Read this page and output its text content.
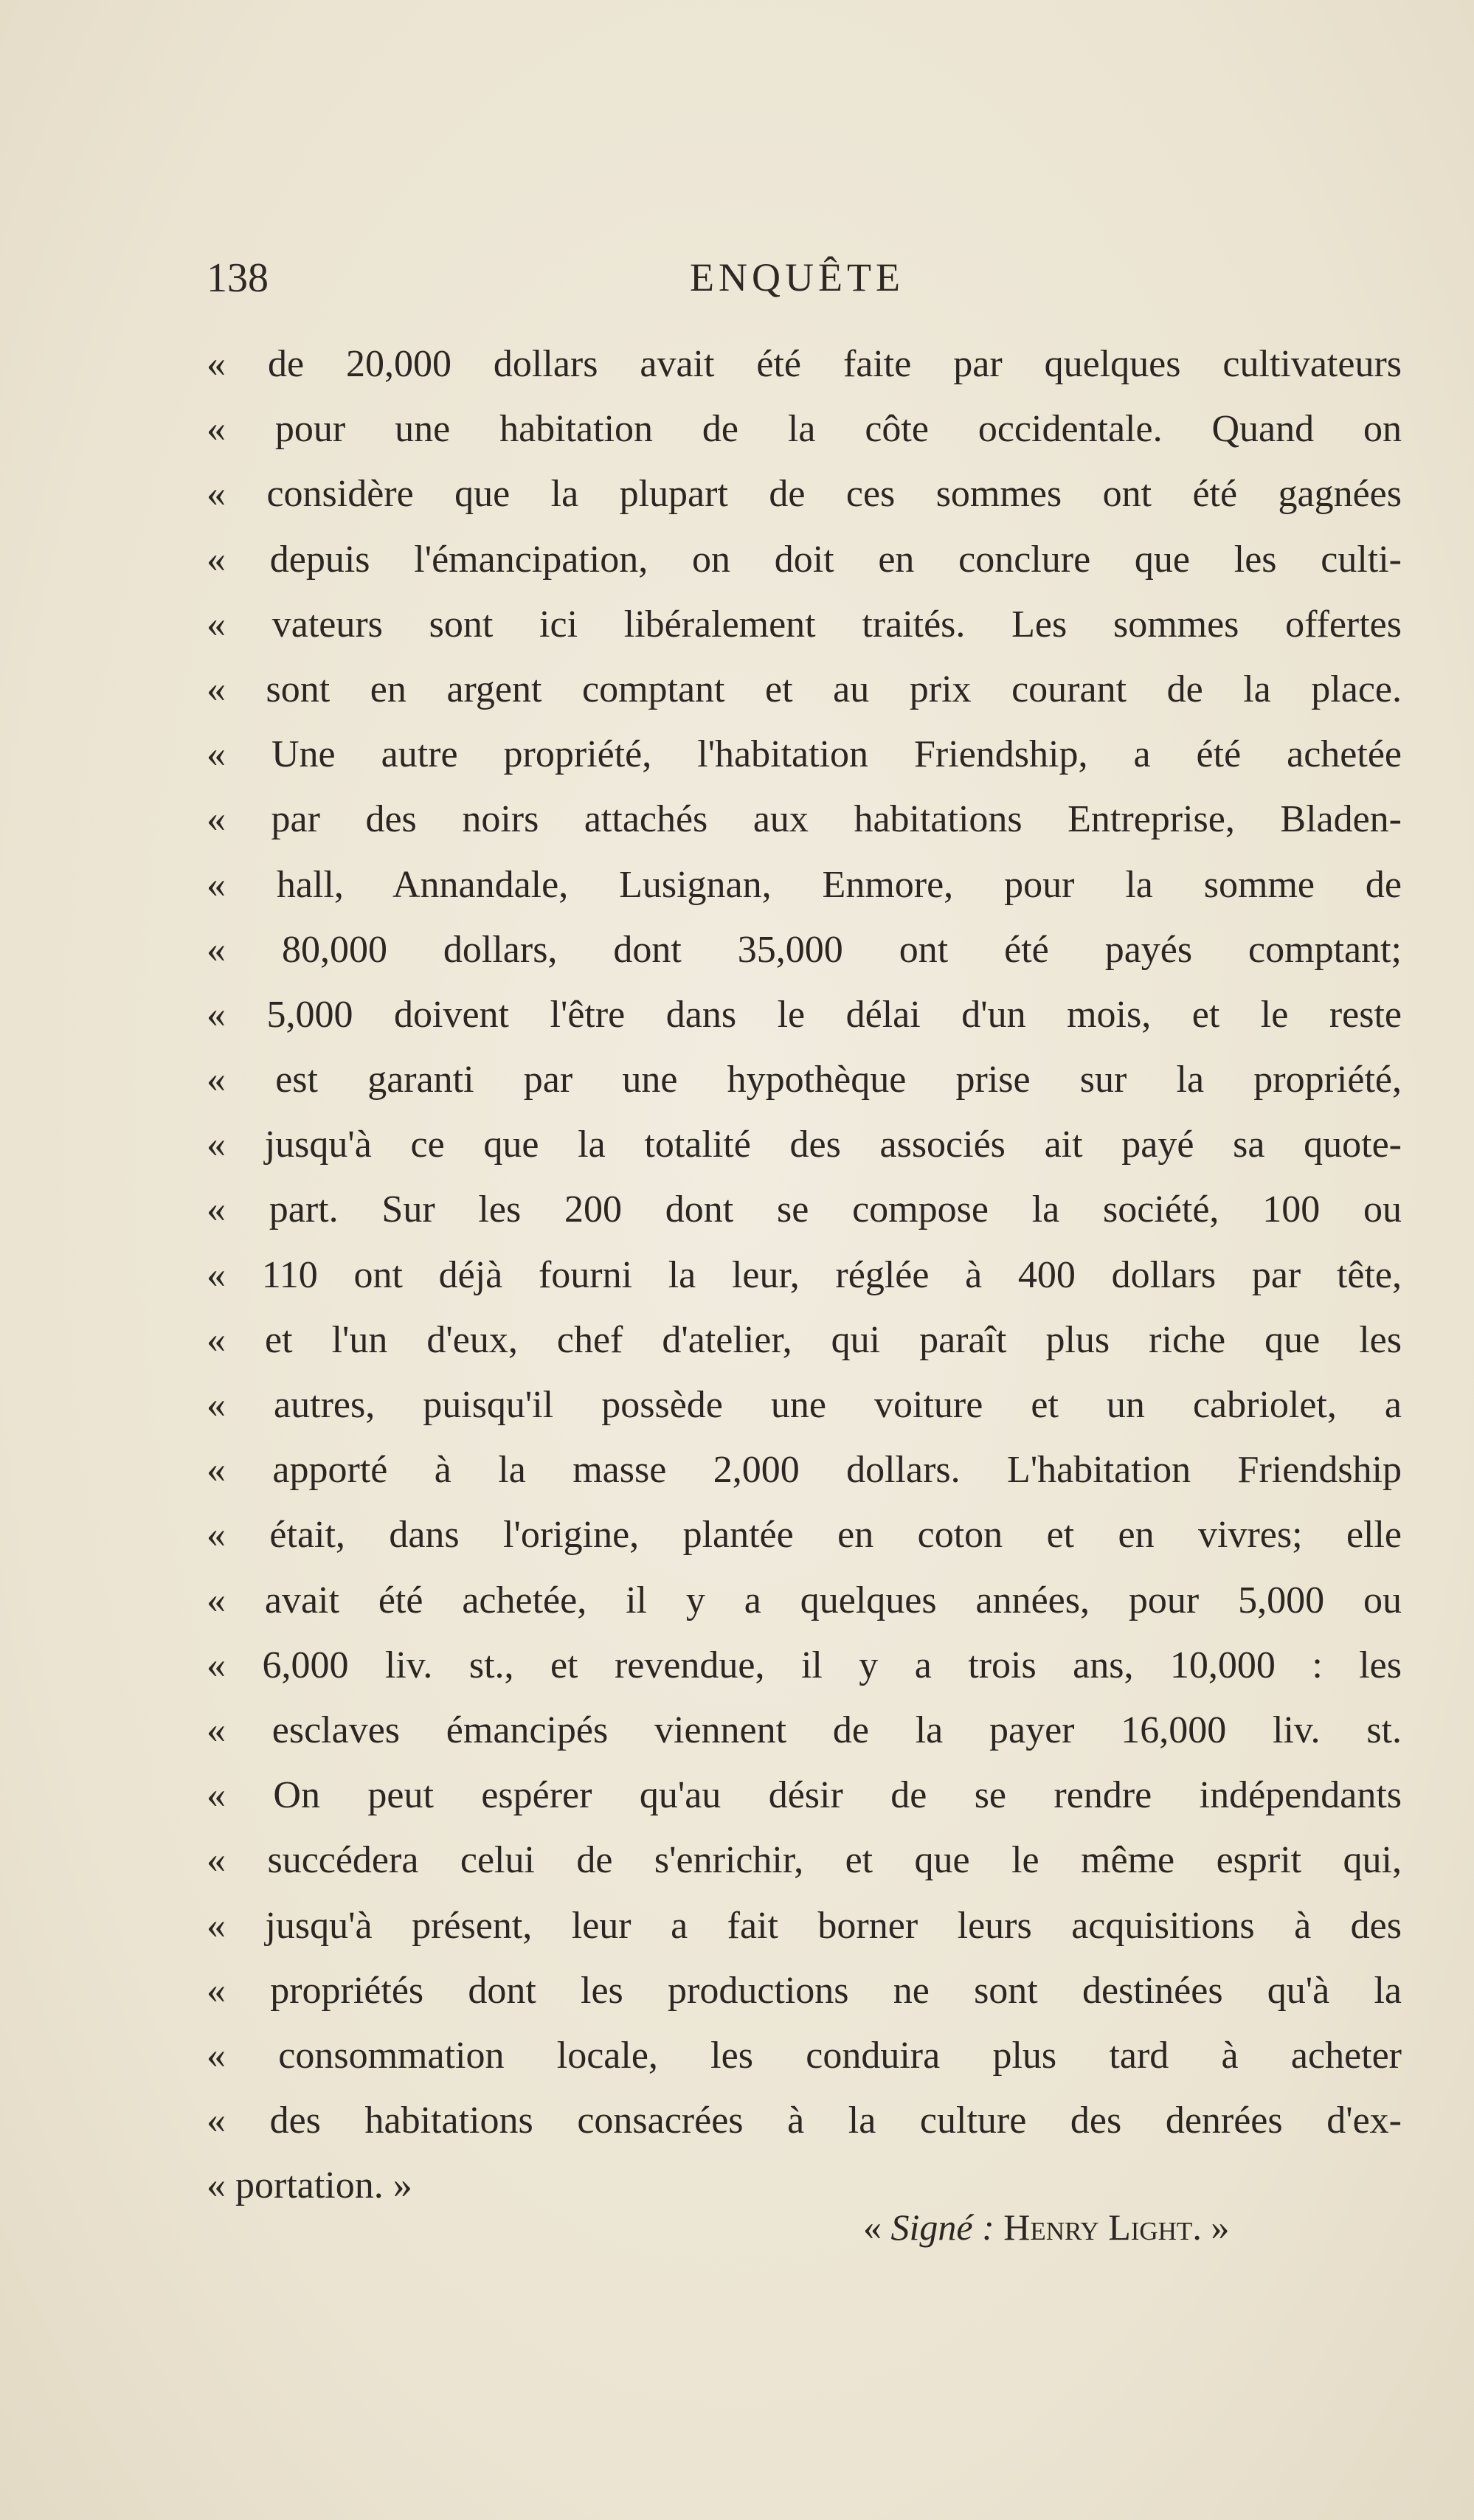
138	ENQUÊTE
« de 20,000 dollars avait été faite par quelques cultivateurs
« pour une habitation de la côte occidentale. Quand on
« considère que la plupart de ces sommes ont été gagnées
« depuis l'émancipation, on doit en conclure que les culti-
« vateurs sont ici libéralement traités. Les sommes offertes
« sont en argent comptant et au prix courant de la place.
« Une autre propriété, l'habitation Friendship, a été achetée
« par des noirs attachés aux habitations Entreprise, Bladen-
« hall, Annandale, Lusignan, Enmore, pour la somme de
« 80,000 dollars, dont 35,000 ont été payés comptant;
« 5,000 doivent l'être dans le délai d'un mois, et le reste
« est garanti par une hypothèque prise sur la propriété,
« jusqu'à ce que la totalité des associés ait payé sa quote-
« part. Sur les 200 dont se compose la société, 100 ou
« 110 ont déjà fourni la leur, réglée à 400 dollars par tête,
« et l'un d'eux, chef d'atelier, qui paraît plus riche que les
« autres, puisqu'il possède une voiture et un cabriolet, a
« apporté à la masse 2,000 dollars. L'habitation Friendship
« était, dans l'origine, plantée en coton et en vivres; elle
« avait été achetée, il y a quelques années, pour 5,000 ou
« 6,000 liv. st., et revendue, il y a trois ans, 10,000 : les
« esclaves émancipés viennent de la payer 16,000 liv. st.
« On peut espérer qu'au désir de se rendre indépendants
« succédera celui de s'enrichir, et que le même esprit qui,
« jusqu'à présent, leur a fait borner leurs acquisitions à des
« propriétés dont les productions ne sont destinées qu'à la
« consommation locale, les conduira plus tard à acheter
« des habitations consacrées à la culture des denrées d'ex-
« portation. »
« Signé : Henry Light. »
